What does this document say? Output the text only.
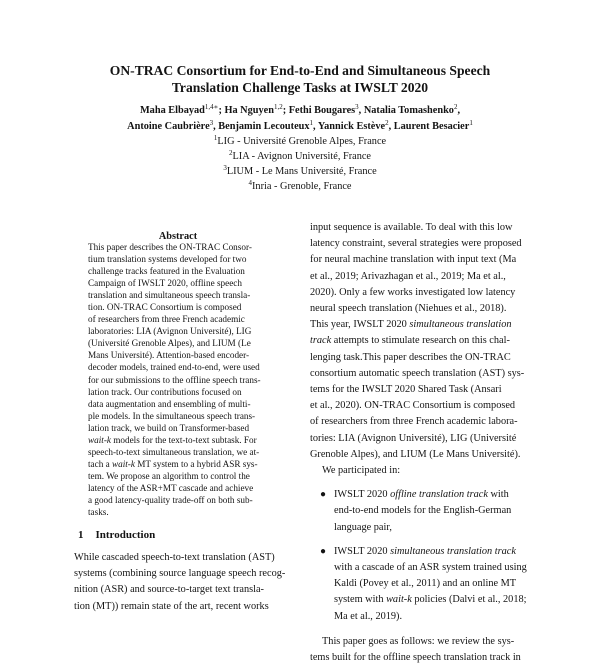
ON-TRAC Consortium for End-to-End and Simultaneous Speech
Translation Challenge Tasks at IWSLT 2020
Maha Elbayad$^{1,4∗}$; Ha Nguyen$^{1,2}$; Fethi Bougares$^3$, Natalia Tomashenko$^2$,
Antoine Caubrière$^3$, Benjamin Lecouteux$^1$, Yannick Estève$^2$, Laurent Besacier$^1$
$^1$LIG - Université Grenoble Alpes, France
$^2$LIA - Avignon Université, France
$^3$LIUM - Le Mans Université, France
$^4$Inria - Grenoble, France
Abstract
This paper describes the ON-TRAC Consor-
tium translation systems developed for two
challenge tracks featured in the Evaluation
Campaign of IWSLT 2020, offline speech
translation and simultaneous speech transla-
tion. ON-TRAC Consortium is composed
of researchers from three French academic
laboratories: LIA (Avignon Université), LIG
(Université Grenoble Alpes), and LIUM (Le
Mans Université). Attention-based encoder-
decoder models, trained end-to-end, were used
for our submissions to the offline speech trans-
lation track. Our contributions focused on
data augmentation and ensembling of multi-
ple models. In the simultaneous speech trans-
lation track, we build on Transformer-based
wait-k models for the text-to-text subtask. For
speech-to-text simultaneous translation, we at-
tach a wait-k MT system to a hybrid ASR sys-
tem. We propose an algorithm to control the
latency of the ASR+MT cascade and achieve
a good latency-quality trade-off on both sub-
tasks.
1 Introduction
While cascaded speech-to-text translation (AST)
systems (combining source language speech recog-
nition (ASR) and source-to-target text transla-
tion (MT)) remain state of the art, recent works
input sequence is available. To deal with this low
latency constraint, several strategies were proposed
for neural machine translation with input text (Ma
et al., 2019; Arivazhagan et al., 2019; Ma et al.,
2020). Only a few works investigated low latency
neural speech translation (Niehues et al., 2018).
This year, IWSLT 2020 simultaneous translation
track attempts to stimulate research on this chal-
lenging task.This paper describes the ON-TRAC
consortium automatic speech translation (AST) sys-
tems for the IWSLT 2020 Shared Task (Ansari
et al., 2020). ON-TRAC Consortium is composed
of researchers from three French academic labora-
tories: LIA (Avignon Université), LIG (Université
Grenoble Alpes), and LIUM (Le Mans Université).
We participated in:
● IWSLT 2020 offline translation track with
end-to-end models for the English-German
language pair,
● IWSLT 2020 simultaneous translation track
with a cascade of an ASR system trained using
Kaldi (Povey et al., 2011) and an online MT
system with wait-k policies (Dalvi et al., 2018;
Ma et al., 2019).
This paper goes as follows: we review the sys-
tems built for the offline speech translation track in
